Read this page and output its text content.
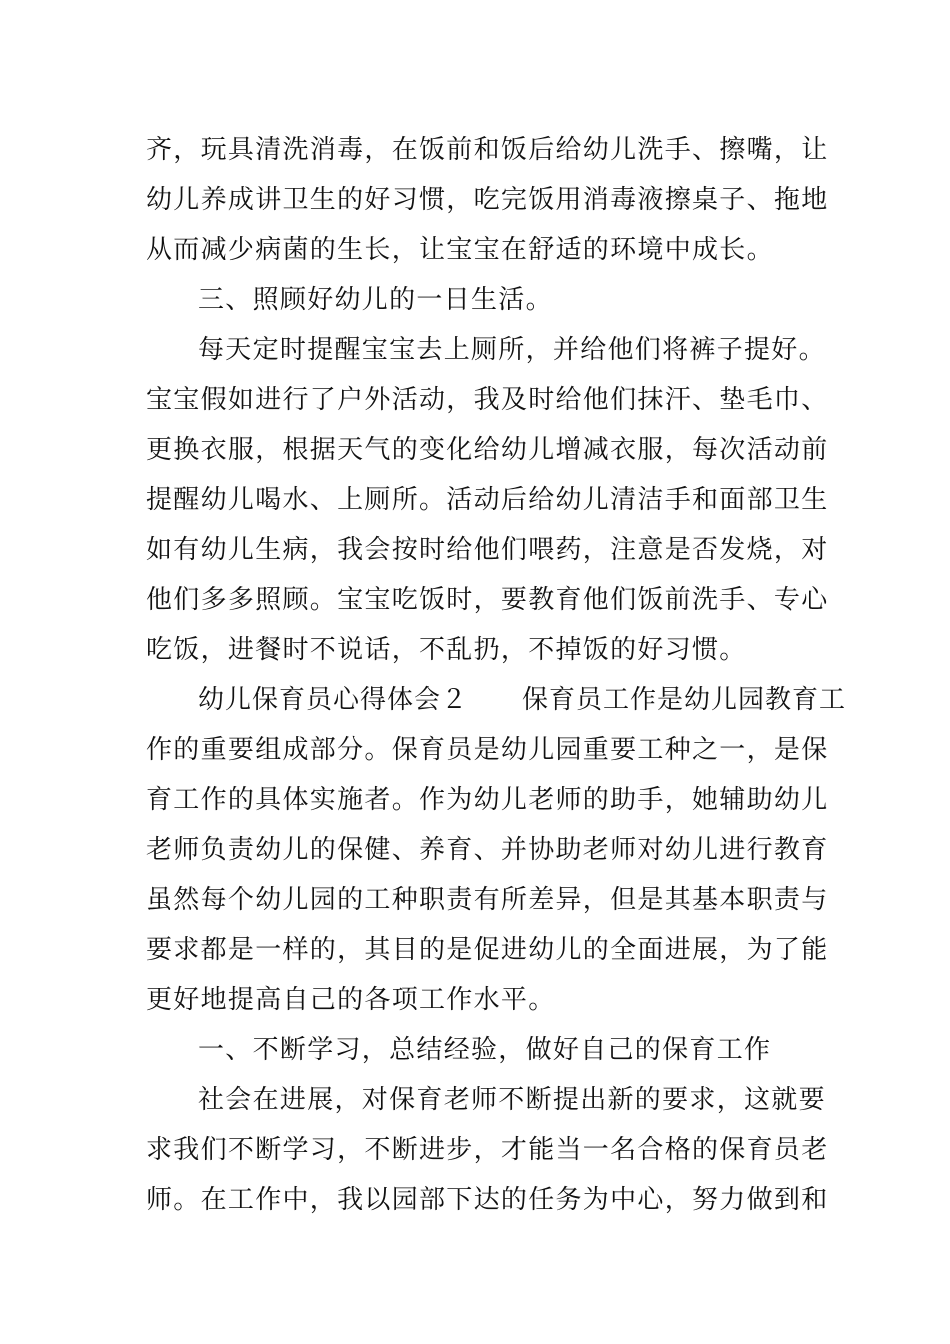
齐，玩具清洗消毒，在饭前和饭后给幼儿洗手、擦嘴，让
幼儿养成讲卫生的好习惯，吃完饭用消毒液擦桌子、拖地
从而减少病菌的生长，让宝宝在舒适的环境中成长。
三、照顾好幼儿的一日生活。
每天定时提醒宝宝去上厕所，并给他们将裤子提好。
宝宝假如进行了户外活动，我及时给他们抹汗、垫毛巾、
更换衣服，根据天气的变化给幼儿增减衣服，每次活动前
提醒幼儿喝水、上厕所。活动后给幼儿清洁手和面部卫生
如有幼儿生病，我会按时给他们喂药，注意是否发烧，对
他们多多照顾。宝宝吃饭时，要教育他们饭前洗手、专心
吃饭，进餐时不说话，不乱扔，不掉饭的好习惯。
幼儿保育员心得体会２　　保育员工作是幼儿园教育工
作的重要组成部分。保育员是幼儿园重要工种之一，是保
育工作的具体实施者。作为幼儿老师的助手，她辅助幼儿
老师负责幼儿的保健、养育、并协助老师对幼儿进行教育
虽然每个幼儿园的工种职责有所差异，但是其基本职责与
要求都是一样的，其目的是促进幼儿的全面进展，为了能
更好地提高自己的各项工作水平。
一、不断学习，总结经验，做好自己的保育工作
社会在进展，对保育老师不断提出新的要求，这就要
求我们不断学习，不断进步，才能当一名合格的保育员老
师。在工作中，我以园部下达的任务为中心，努力做到和
